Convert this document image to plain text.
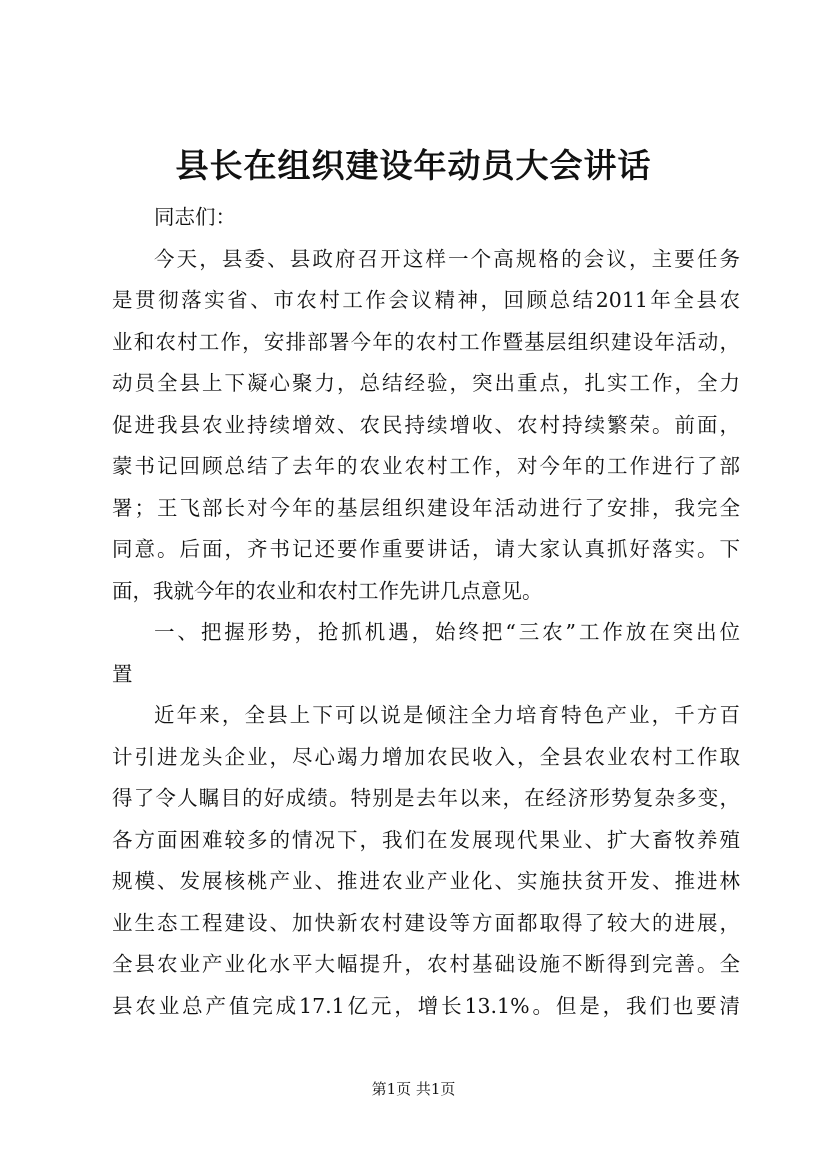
县长在组织建设年动员大会讲话
同志们：
今天，县委、县政府召开这样一个高规格的会议，主要任务
是贯彻落实省、市农村工作会议精神，回顾总结2011年全县农
业和农村工作，安排部署今年的农村工作暨基层组织建设年活动，
动员全县上下凝心聚力，总结经验，突出重点，扎实工作，全力
促进我县农业持续增效、农民持续增收、农村持续繁荣。前面，
蒙书记回顾总结了去年的农业农村工作，对今年的工作进行了部
署；王飞部长对今年的基层组织建设年活动进行了安排，我完全
同意。后面，齐书记还要作重要讲话，请大家认真抓好落实。下
面，我就今年的农业和农村工作先讲几点意见。
一、把握形势，抢抓机遇，始终把“三农”工作放在突出位
置
近年来，全县上下可以说是倾注全力培育特色产业，千方百
计引进龙头企业，尽心竭力增加农民收入，全县农业农村工作取
得了令人瞩目的好成绩。特别是去年以来，在经济形势复杂多变，
各方面困难较多的情况下，我们在发展现代果业、扩大畜牧养殖
规模、发展核桃产业、推进农业产业化、实施扶贫开发、推进林
业生态工程建设、加快新农村建设等方面都取得了较大的进展，
全县农业产业化水平大幅提升，农村基础设施不断得到完善。全
县农业总产值完成17.1亿元，增长13.1%。但是，我们也要清
第1页 共1页
